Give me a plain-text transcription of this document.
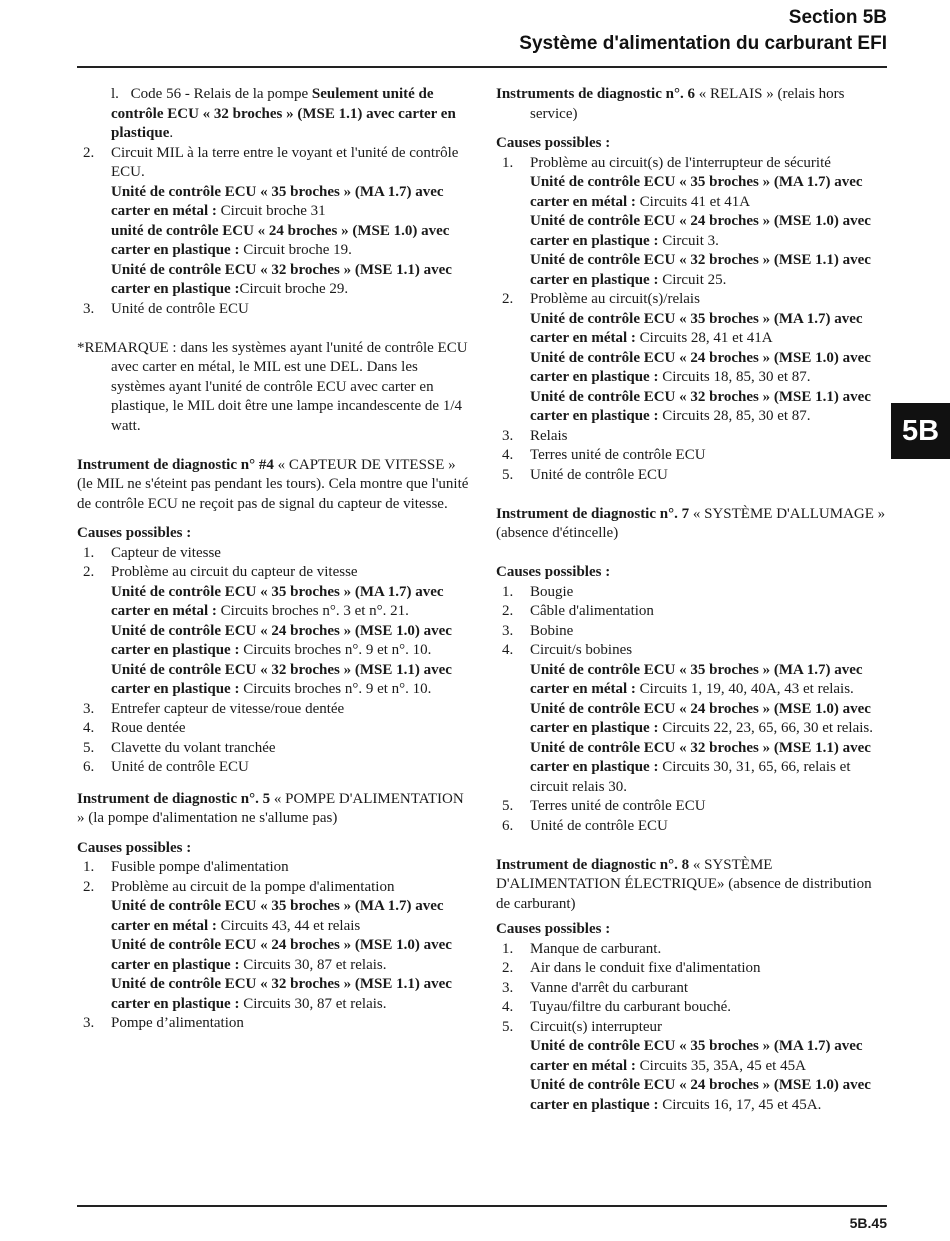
Section 5B
Système d'alimentation du carburant EFI
5B
l. Code 56 - Relais de la pompe Seulement unité de contrôle ECU « 32 broches » (MSE 1.1) avec carter en plastique.
2. Circuit MIL à la terre entre le voyant et l'unité de contrôle ECU.
Unité de contrôle ECU « 35 broches » (MA 1.7) avec carter en métal : Circuit broche 31
unité de contrôle ECU « 24 broches » (MSE 1.0) avec carter en plastique : Circuit broche 19.
Unité de contrôle ECU « 32 broches » (MSE 1.1) avec carter en plastique :Circuit broche 29.
3. Unité de contrôle ECU
*REMARQUE : dans les systèmes ayant l'unité de contrôle ECU avec carter en métal, le MIL est une DEL. Dans les systèmes ayant l'unité de contrôle ECU avec carter en plastique, le MIL doit être une lampe incandescente de 1/4 watt.
Instrument de diagnostic n° #4 « CAPTEUR DE VITESSE » (le MIL ne s'éteint pas pendant les tours). Cela montre que l'unité de contrôle ECU ne reçoit pas de signal du capteur de vitesse.
Causes possibles :
1. Capteur de vitesse
2. Problème au circuit du capteur de vitesse
Unité de contrôle ECU « 35 broches » (MA 1.7) avec carter en métal : Circuits broches n°. 3 et n°. 21.
Unité de contrôle ECU « 24 broches » (MSE 1.0) avec carter en plastique : Circuits broches n°. 9 et n°. 10.
Unité de contrôle ECU « 32 broches » (MSE 1.1) avec carter en plastique : Circuits broches n°. 9 et n°. 10.
3. Entrefer capteur de vitesse/roue dentée
4. Roue dentée
5. Clavette du volant tranchée
6. Unité de contrôle ECU
Instrument de diagnostic n°. 5 « POMPE D'ALIMENTATION » (la pompe d'alimentation ne s'allume pas)
Causes possibles :
1. Fusible pompe d'alimentation
2. Problème au circuit de la pompe d'alimentation
Unité de contrôle ECU « 35 broches » (MA 1.7) avec carter en métal : Circuits 43, 44 et relais
Unité de contrôle ECU « 24 broches » (MSE 1.0) avec carter en plastique : Circuits 30, 87 et relais.
Unité de contrôle ECU « 32 broches » (MSE 1.1) avec carter en plastique : Circuits 30, 87 et relais.
3. Pompe d’alimentation
Instruments de diagnostic n°. 6 « RELAIS » (relais hors service)
Causes possibles :
1. Problème au circuit(s) de l'interrupteur de sécurité
Unité de contrôle ECU « 35 broches » (MA 1.7) avec carter en métal : Circuits 41 et 41A
Unité de contrôle ECU « 24 broches » (MSE 1.0) avec carter en plastique : Circuit 3.
Unité de contrôle ECU « 32 broches » (MSE 1.1) avec carter en plastique : Circuit 25.
2. Problème au circuit(s)/relais
Unité de contrôle ECU « 35 broches » (MA 1.7) avec carter en métal : Circuits 28, 41 et 41A
Unité de contrôle ECU « 24 broches » (MSE 1.0) avec carter en plastique : Circuits 18, 85, 30 et 87.
Unité de contrôle ECU « 32 broches » (MSE 1.1) avec carter en plastique : Circuits 28, 85, 30 et 87.
3. Relais
4. Terres unité de contrôle ECU
5. Unité de contrôle ECU
Instrument de diagnostic n°. 7 « SYSTÈME D'ALLUMAGE » (absence d'étincelle)
Causes possibles :
1. Bougie
2. Câble d'alimentation
3. Bobine
4. Circuit/s bobines
Unité de contrôle ECU « 35 broches » (MA 1.7) avec carter en métal : Circuits 1, 19, 40, 40A, 43 et relais.
Unité de contrôle ECU « 24 broches » (MSE 1.0) avec carter en plastique : Circuits 22, 23, 65, 66, 30 et relais.
Unité de contrôle ECU « 32 broches » (MSE 1.1) avec carter en plastique : Circuits 30, 31, 65, 66, relais et circuit relais 30.
5. Terres unité de contrôle ECU
6. Unité de contrôle ECU
Instrument de diagnostic n°. 8 « SYSTÈME D'ALIMENTATION ÉLECTRIQUE» (absence de distribution de carburant)
Causes possibles :
1. Manque de carburant.
2. Air dans le conduit fixe d'alimentation
3. Vanne d'arrêt du carburant
4. Tuyau/filtre du carburant bouché.
5. Circuit(s) interrupteur
Unité de contrôle ECU « 35 broches » (MA 1.7) avec carter en métal : Circuits 35, 35A, 45 et 45A
Unité de contrôle ECU « 24 broches » (MSE 1.0) avec carter en plastique : Circuits 16, 17, 45 et 45A.
5B.45
